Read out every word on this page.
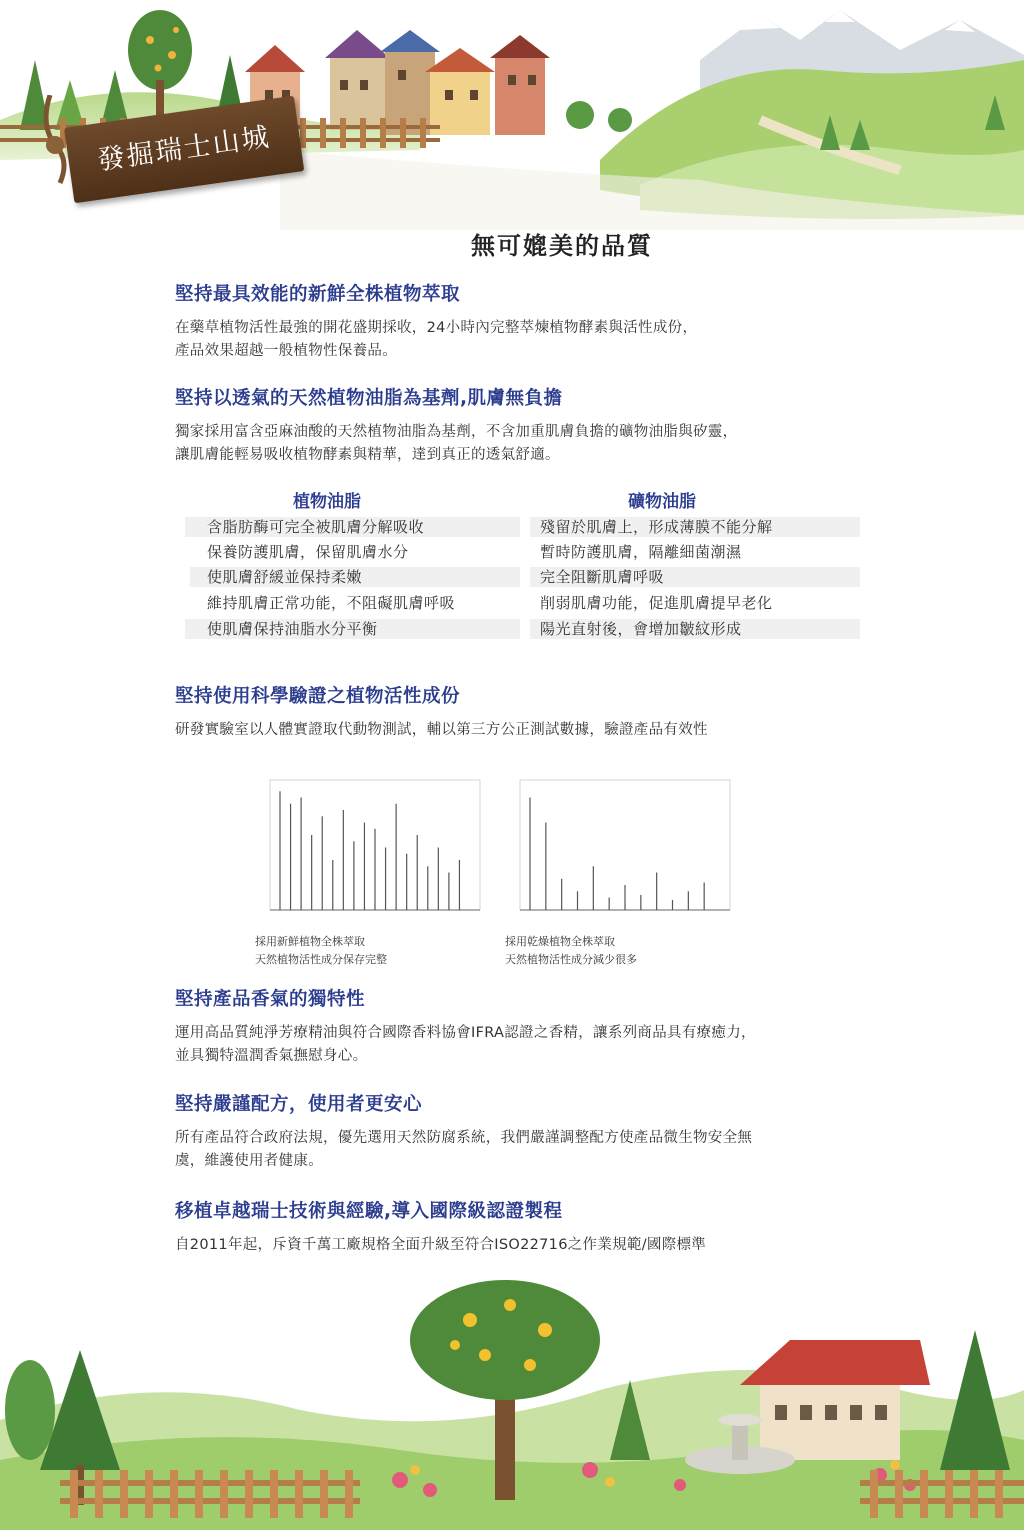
發掘瑞士山城
無可媲美的品質
堅持最具效能的新鮮全株植物萃取
在藥草植物活性最強的開花盛期採收，24小時內完整萃煉植物酵素與活性成份，
產品效果超越一般植物性保養品。
堅持以透氣的天然植物油脂為基劑,肌膚無負擔
獨家採用富含亞麻油酸的天然植物油脂為基劑，不含加重肌膚負擔的礦物油脂與矽靈，
讓肌膚能輕易吸收植物酵素與精華，達到真正的透氣舒適。
植物油脂	礦物油脂
含脂肪酶可完全被肌膚分解吸收
保養防護肌膚，保留肌膚水分
使肌膚舒緩並保持柔嫩
維持肌膚正常功能，不阻礙肌膚呼吸
使肌膚保持油脂水分平衡
殘留於肌膚上，形成薄膜不能分解
暫時防護肌膚，隔離細菌潮濕
完全阻斷肌膚呼吸
削弱肌膚功能，促進肌膚提早老化
陽光直射後，會增加皺紋形成
堅持使用科學驗證之植物活性成份
研發實驗室以人體實證取代動物測試，輔以第三方公正測試數據，驗證產品有效性
採用新鮮植物全株萃取
天然植物活性成分保存完整
採用乾燥植物全株萃取
天然植物活性成分減少很多
堅持產品香氣的獨特性
運用高品質純淨芳療精油與符合國際香料協會IFRA認證之香精，讓系列商品具有療癒力，
並具獨特溫潤香氣撫慰身心。
堅持嚴謹配方，使用者更安心
所有產品符合政府法規，優先選用天然防腐系統，我們嚴謹調整配方使產品微生物安全無
虞，維護使用者健康。
移植卓越瑞士技術與經驗,導入國際級認證製程
自2011年起，斥資千萬工廠規格全面升級至符合ISO22716之作業規範/國際標準
